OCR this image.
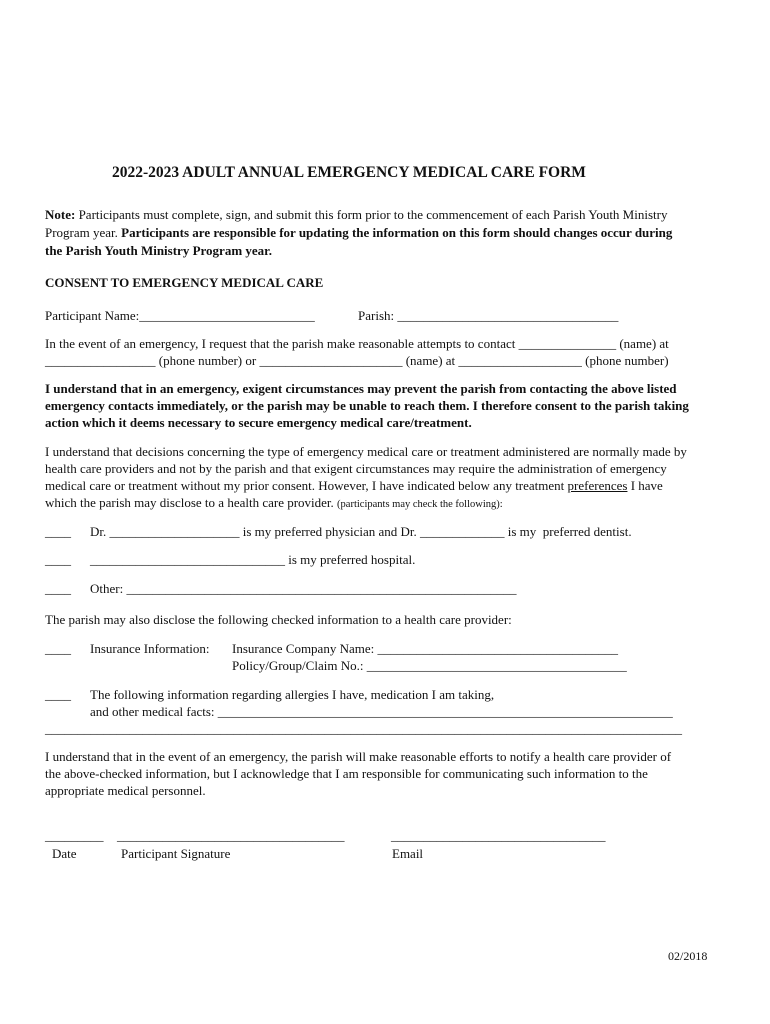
2022-2023 ADULT ANNUAL EMERGENCY MEDICAL CARE FORM
Note: Participants must complete, sign, and submit this form prior to the commencement of each Parish Youth Ministry
Program year. Participants are responsible for updating the information on this form should changes occur during
the Parish Youth Ministry Program year.
CONSENT TO EMERGENCY MEDICAL CARE
Participant Name:___________________________	Parish: __________________________________
In the event of an emergency, I request that the parish make reasonable attempts to contact _______________ (name) at
_________________ (phone number) or ______________________ (name) at ___________________ (phone number)
I understand that in an emergency, exigent circumstances may prevent the parish from contacting the above listed
emergency contacts immediately, or the parish may be unable to reach them. I therefore consent to the parish taking
action which it deems necessary to secure emergency medical care/treatment.
I understand that decisions concerning the type of emergency medical care or treatment administered are normally made by
health care providers and not by the parish and that exigent circumstances may require the administration of emergency
medical care or treatment without my prior consent. However, I have indicated below any treatment preferences I have
which the parish may disclose to a health care provider. (participants may check the following):
____ Dr. ____________________ is my preferred physician and Dr. _____________ is my  preferred dentist.
____ ______________________________ is my preferred hospital.
____ Other: ____________________________________________________________
The parish may also disclose the following checked information to a health care provider:
____ Insurance Information: Insurance Company Name: _____________________________________
Policy/Group/Claim No.: ________________________________________
____ The following information regarding allergies I have, medication I am taking,
and other medical facts: ______________________________________________________________________
__________________________________________________________________________________________________
I understand that in the event of an emergency, the parish will make reasonable efforts to notify a health care provider of
the above-checked information, but I acknowledge that I am responsible for communicating such information to the
appropriate medical personnel.
_________ ___________________________________	_________________________________
Date	Participant Signature	Email
02/2018
